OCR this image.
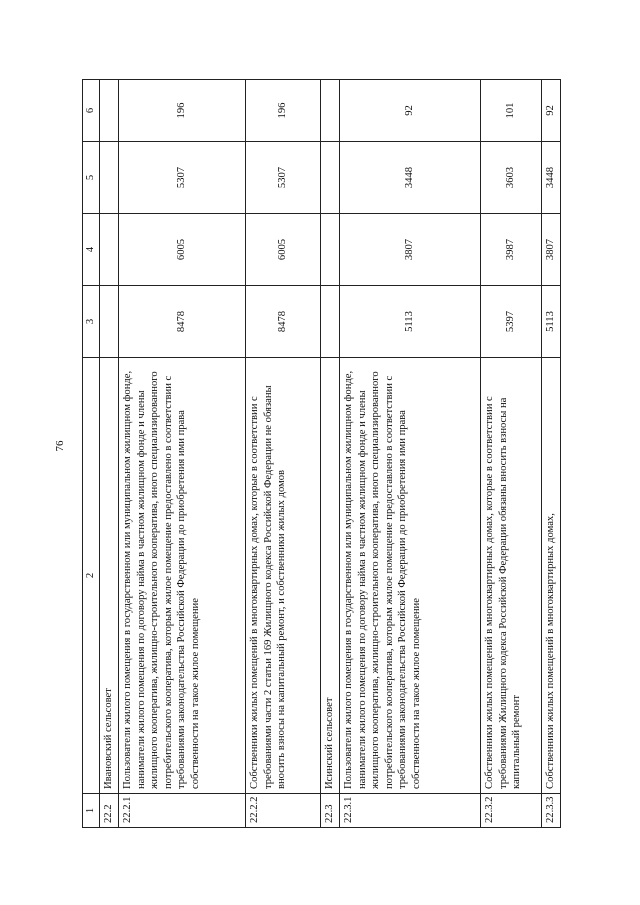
76
1	2	3	4	5	6
22.2	Ивановский сельсовет				
22.2.1	Пользователи жилого помещения в государственном или муниципальном жилищном фонде, наниматели жилого помещения по договору найма в частном жилищном фонде и члены жилищного кооператива, жилищно-строительного кооператива, иного специализированного потребительского кооператива, которым жилое помещение предоставлено в соответствии с требованиями законодательства Российской Федерации до приобретения ими права собственности на такое жилое помещение	8478	6005	5307	196
22.2.2	Собственники жилых помещений в многоквартирных домах, которые в соответствии с требованиями части 2 статьи 169 Жилищного кодекса Российской Федерации не обязаны вносить взносы на капитальный ремонт, и собственники жилых домов	8478	6005	5307	196
22.3	Исинский сельсовет				
22.3.1	Пользователи жилого помещения в государственном или муниципальном жилищном фонде, наниматели жилого помещения по договору найма в частном жилищном фонде и члены жилищного кооператива, жилищно-строительного кооператива, иного специализированного потребительского кооператива, которым жилое помещение предоставлено в соответствии с требованиями законодательства Российской Федерации до приобретения ими права собственности на такое жилое помещение	5113	3807	3448	92
22.3.2	Собственники жилых помещений в многоквартирных домах, которые в соответствии с требованиями Жилищного кодекса Российской Федерации обязаны вносить взносы на капитальный ремонт	5397	3987	3603	101
22.3.3	Собственники жилых помещений в многоквартирных домах,	5113	3807	3448	92
